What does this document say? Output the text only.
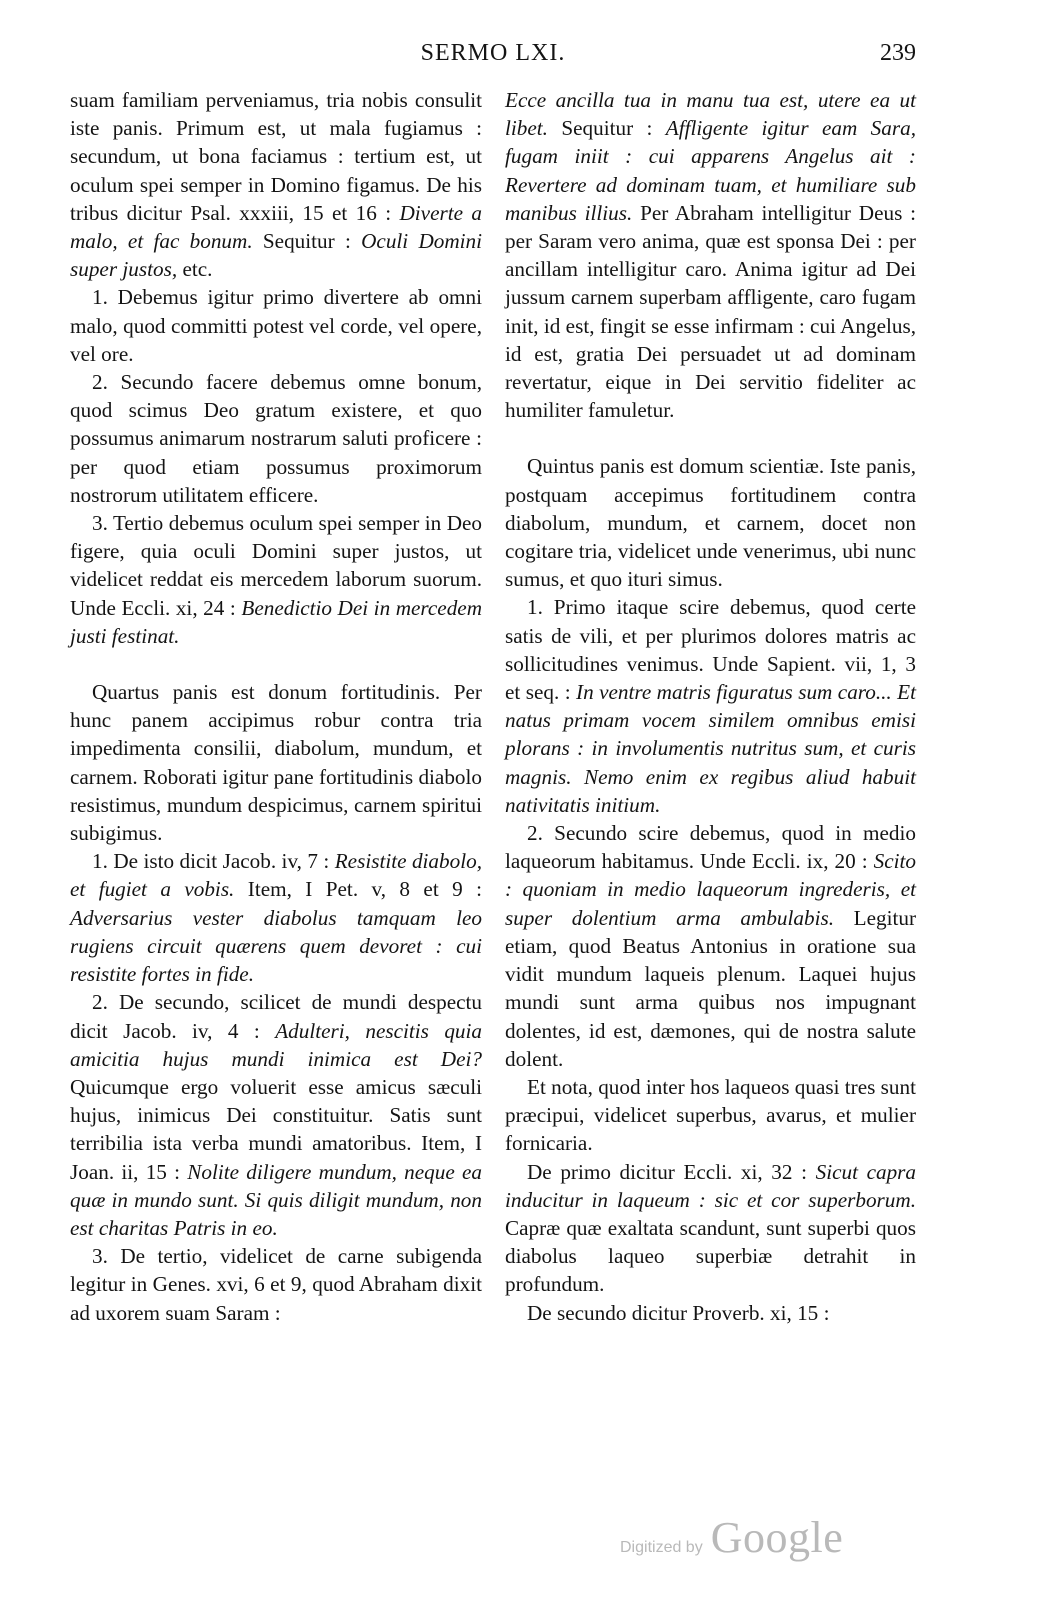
SERMO LXI.	239

suam familiam perveniamus, tria nobis consulit iste panis. Primum est, ut mala fugiamus : secundum, ut bona faciamus : tertium est, ut oculum spei semper in Domino figamus. De his tribus dicitur Psal. xxxiii, 15 et 16 : Diverte a malo, et fac bonum. Sequitur : Oculi Domini super justos, etc.

1. Debemus igitur primo divertere ab omni malo, quod committi potest vel corde, vel opere, vel ore.

2. Secundo facere debemus omne bonum, quod scimus Deo gratum existere, et quo possumus animarum nostrarum saluti proficere : per quod etiam possumus proximorum nostrorum utilitatem efficere.

3. Tertio debemus oculum spei semper in Deo figere, quia oculi Domini super justos, ut videlicet reddat eis mercedem laborum suorum. Unde Eccli. xi, 24 : Benedictio Dei in mercedem justi festinat.

Quartus panis est donum fortitudinis. Per hunc panem accipimus robur contra tria impedimenta consilii, diabolum, mundum, et carnem. Roborati igitur pane fortitudinis diabolo resistimus, mundum despicimus, carnem spiritui subigimus.

1. De isto dicit Jacob. iv, 7 : Resistite diabolo, et fugiet a vobis. Item, I Pet. v, 8 et 9 : Adversarius vester diabolus tamquam leo rugiens circuit quærens quem devoret : cui resistite fortes in fide.

2. De secundo, scilicet de mundi despectu dicit Jacob. iv, 4 : Adulteri, nescitis quia amicitia hujus mundi inimica est Dei? Quicumque ergo voluerit esse amicus sæculi hujus, inimicus Dei constituitur. Satis sunt terribilia ista verba mundi amatoribus. Item, I Joan. ii, 15 : Nolite diligere mundum, neque ea quæ in mundo sunt. Si quis diligit mundum, non est charitas Patris in eo.

3. De tertio, videlicet de carne subigenda legitur in Genes. xvi, 6 et 9, quod Abraham dixit ad uxorem suam Saram :

Ecce ancilla tua in manu tua est, utere ea ut libet. Sequitur : Affligente igitur eam Sara, fugam iniit : cui apparens Angelus ait : Revertere ad dominam tuam, et humiliare sub manibus illius. Per Abraham intelligitur Deus : per Saram vero anima, quæ est sponsa Dei : per ancillam intelligitur caro. Anima igitur ad Dei jussum carnem superbam affligente, caro fugam init, id est, fingit se esse infirmam : cui Angelus, id est, gratia Dei persuadet ut ad dominam revertatur, eique in Dei servitio fideliter ac humiliter famuletur.

Quintus panis est domum scientiæ. Iste panis, postquam accepimus fortitudinem contra diabolum, mundum, et carnem, docet non cogitare tria, videlicet unde venerimus, ubi nunc sumus, et quo ituri simus.

1. Primo itaque scire debemus, quod certe satis de vili, et per plurimos dolores matris ac sollicitudines venimus. Unde Sapient. vii, 1, 3 et seq. : In ventre matris figuratus sum caro... Et natus primam vocem similem omnibus emisi plorans : in involumentis nutritus sum, et curis magnis. Nemo enim ex regibus aliud habuit nativitatis initium.

2. Secundo scire debemus, quod in medio laqueorum habitamus. Unde Eccli. ix, 20 : Scito : quoniam in medio laqueorum ingrederis, et super dolentium arma ambulabis. Legitur etiam, quod Beatus Antonius in oratione sua vidit mundum laqueis plenum. Laquei hujus mundi sunt arma quibus nos impugnant dolentes, id est, dæmones, qui de nostra salute dolent.

Et nota, quod inter hos laqueos quasi tres sunt præcipui, videlicet superbus, avarus, et mulier fornicaria.

De primo dicitur Eccli. xi, 32 : Sicut capra inducitur in laqueum : sic et cor superborum. Capræ quæ exaltata scandunt, sunt superbi quos diabolus laqueo superbiæ detrahit in profundum.

De secundo dicitur Proverb. xi, 15 :

Digitized by Google
